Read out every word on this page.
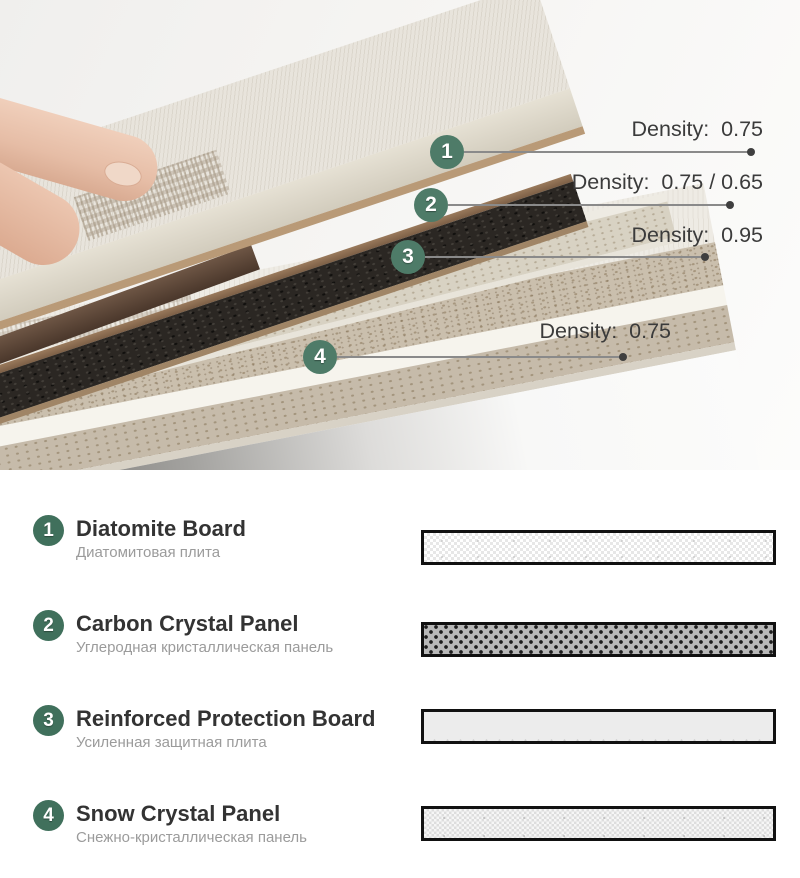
1
2
3
4
Density:  0.75
Density:  0.75 / 0.65
Density:  0.95
Density:  0.75
1	Diatomite Board
Диатомитовая плита
2	Carbon Crystal Panel
Углеродная кристаллическая панель
3	Reinforced Protection Board
Усиленная защитная плита
4	Snow Crystal Panel
Снежно-кристаллическая панель
